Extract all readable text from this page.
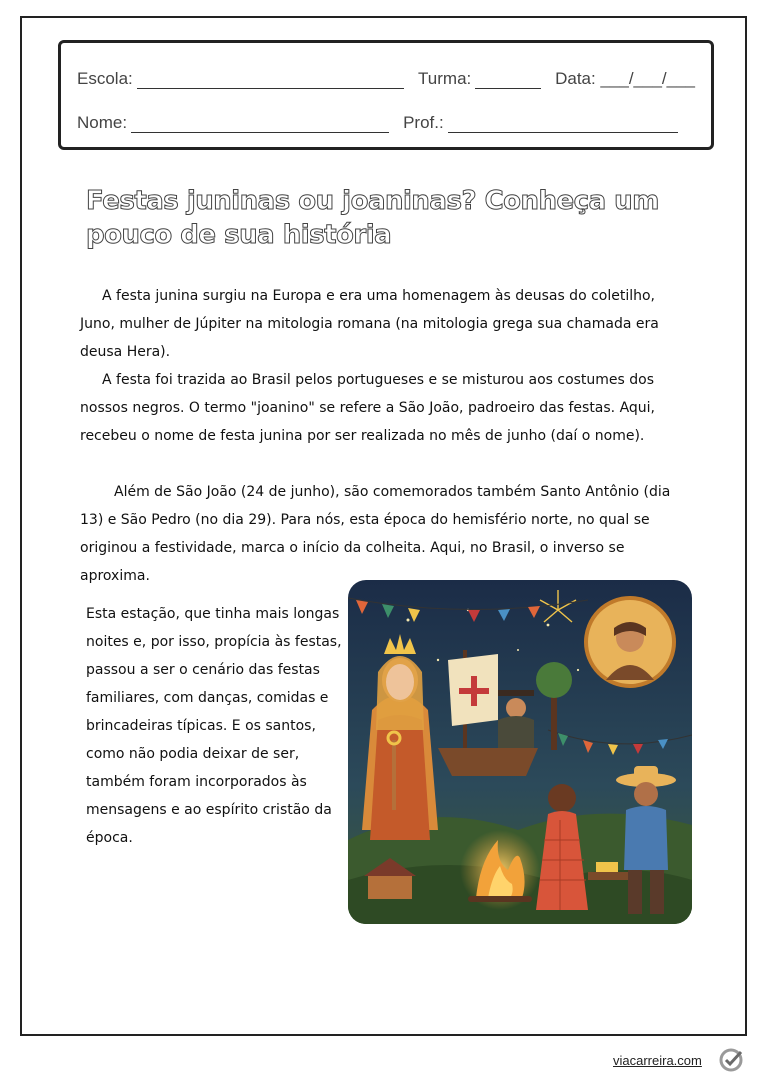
Escola:	Turma:	Data: ___/___/___
Nome:	Prof.:
Festas juninas ou joaninas? Conheça um pouco de sua história

A festa junina surgiu na Europa e era uma homenagem às deusas do coletilho, Juno, mulher de Júpiter na mitologia romana (na mitologia grega sua chamada era deusa Hera).

A festa foi trazida ao Brasil pelos portugueses e se misturou aos costumes dos nossos negros. O termo "joanino" se refere a São João, padroeiro das festas. Aqui, recebeu o nome de festa junina por ser realizada no mês de junho (daí o nome).

Além de São João (24 de junho), são comemorados também Santo Antônio (dia 13) e São Pedro (no dia 29). Para nós, esta época do hemisfério norte, no qual se originou a festividade, marca o início da colheita. Aqui, no Brasil, o inverso se aproxima.

Esta estação, que tinha mais longas noites e, por isso, propícia às festas, passou a ser o cenário das festas familiares, com danças, comidas e brincadeiras típicas. E os santos, como não podia deixar de ser, também foram incorporados às mensagens e ao espírito cristão da época.

viacarreira.com
